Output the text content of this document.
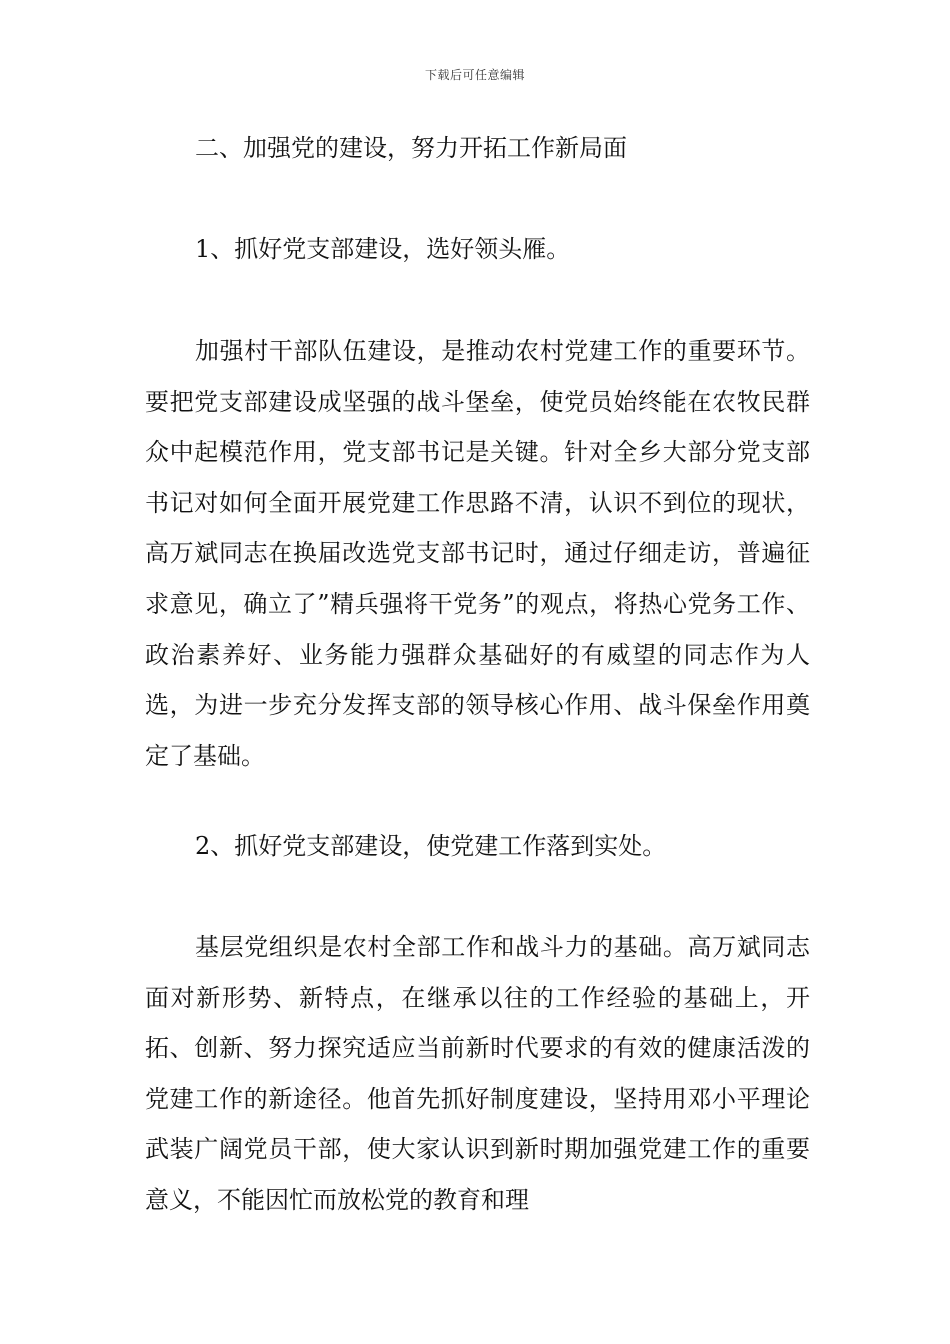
下载后可任意编辑
二、加强党的建设，努力开拓工作新局面
1、抓好党支部建设，选好领头雁。

加强村干部队伍建设，是推动农村党建工作的重要环节。要把党支部建设成坚强的战斗堡垒，使党员始终能在农牧民群众中起模范作用，党支部书记是关键。针对全乡大部分党支部书记对如何全面开展党建工作思路不清，认识不到位的现状，高万斌同志在换届改选党支部书记时，通过仔细走访，普遍征求意见，确立了”精兵强将干党务”的观点，将热心党务工作、政治素养好、业务能力强群众基础好的有威望的同志作为人选，为进一步充分发挥支部的领导核心作用、战斗保垒作用奠定了基础。

2、抓好党支部建设，使党建工作落到实处。

基层党组织是农村全部工作和战斗力的基础。高万斌同志面对新形势、新特点，在继承以往的工作经验的基础上，开拓、创新、努力探究适应当前新时代要求的有效的健康活泼的党建工作的新途径。他首先抓好制度建设，坚持用邓小平理论武装广阔党员干部，使大家认识到新时期加强党建工作的重要意义，不能因忙而放松党的教育和理
